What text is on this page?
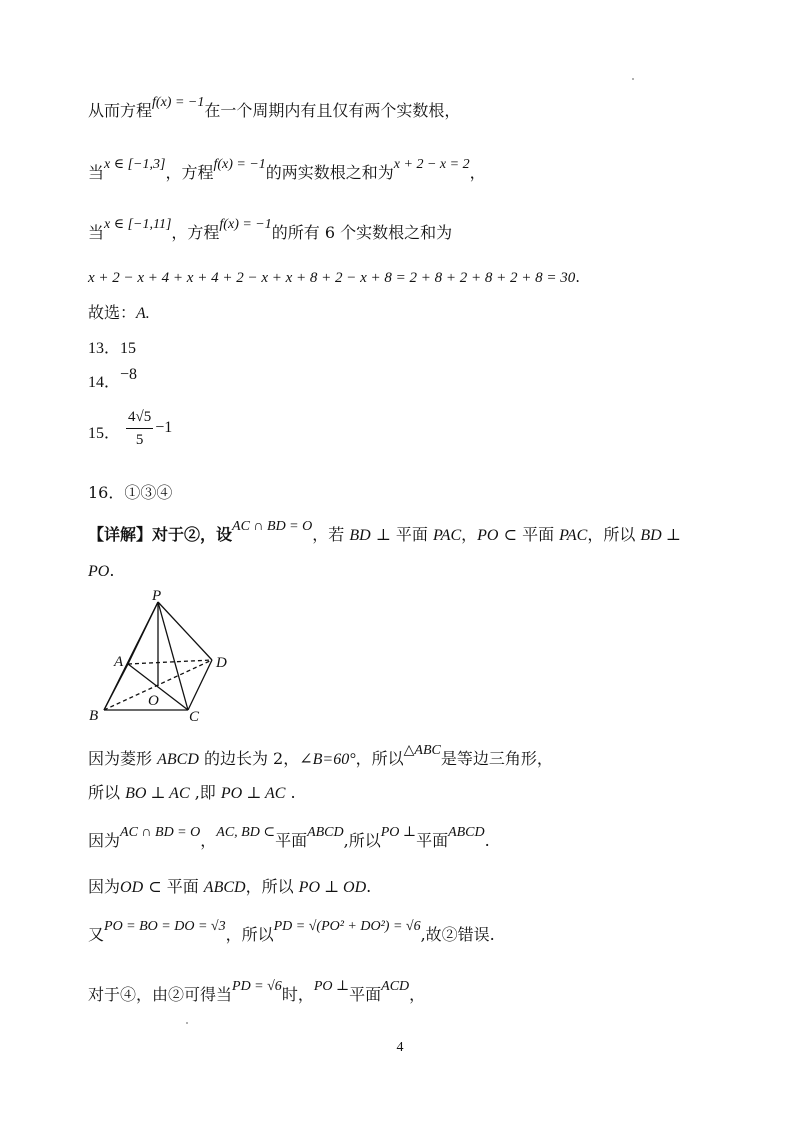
从而方程f(x) = −1在一个周期内有且仅有两个实数根，
当x ∈ [−1,3]，方程f(x) = −1的两实数根之和为x + 2 − x = 2，
当x ∈ [−1,11]，方程f(x) = −1的所有 6 个实数根之和为
x + 2 − x + 4 + x + 4 + 2 − x + x + 8 + 2 − x + 8 = 2 + 8 + 2 + 8 + 2 + 8 = 30.
故选：A.
13．15
14．−8
15． $\frac{4√5}{5} -1$
16．①③④
【详解】对于②，设AC ∩ BD = O，若 BD ⊥ 平面 PAC，PO ⊂ 平面 PAC，所以 BD ⊥
PO.
P
A	D
O
B	C
因为菱形 ABCD 的边长为 2，∠B=60°，所以△ABC是等边三角形，
所以 BO ⊥ AC ,即 PO ⊥ AC .
因为AC ∩ BD = O，AC, BD ⊂平面ABCD,所以PO ⊥平面ABCD.
因为OD ⊂ 平面 ABCD，所以 PO ⊥ OD.
又PO = BO = DO = √3，所以PD = √(PO² + DO²) = √6,故②错误.
对于④，由②可得当PD = √6时，PO ⊥平面ACD，
4
